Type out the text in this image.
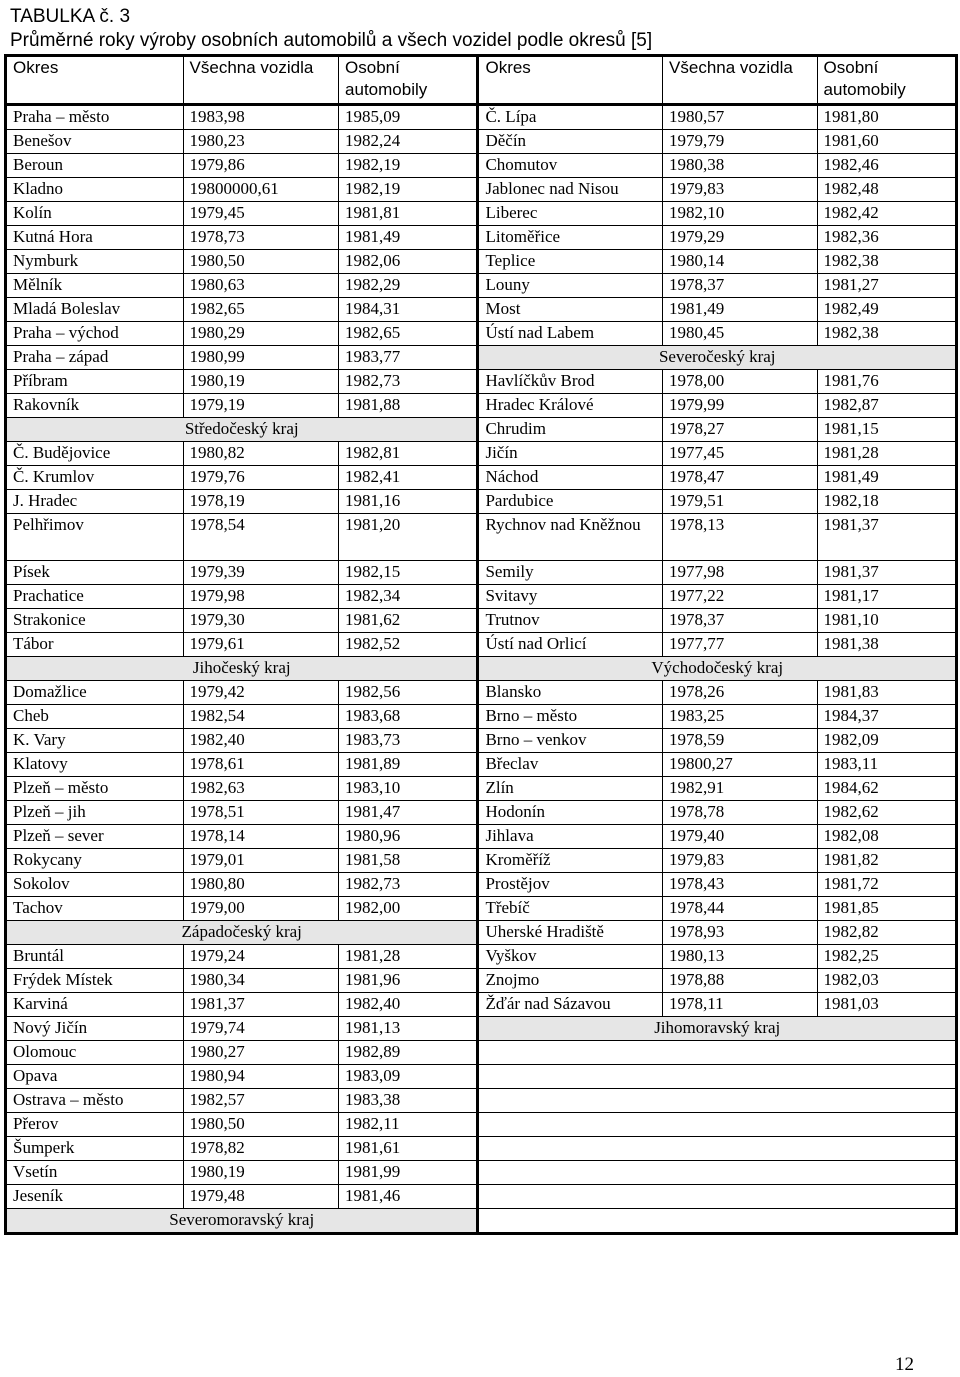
TABULKA č. 3
Průměrné roky výroby osobních automobilů a všech vozidel podle okresů [5]
Okres	Všechna vozidla	Osobní automobily	Okres	Všechna vozidla	Osobní automobily
Praha – město	1983,98	1985,09	Č. Lípa	1980,57	1981,80
Benešov	1980,23	1982,24	Děčín	1979,79	1981,60
Beroun	1979,86	1982,19	Chomutov	1980,38	1982,46
Kladno	19800000,61	1982,19	Jablonec nad Nisou	1979,83	1982,48
Kolín	1979,45	1981,81	Liberec	1982,10	1982,42
Kutná Hora	1978,73	1981,49	Litoměřice	1979,29	1982,36
Nymburk	1980,50	1982,06	Teplice	1980,14	1982,38
Mělník	1980,63	1982,29	Louny	1978,37	1981,27
Mladá Boleslav	1982,65	1984,31	Most	1981,49	1982,49
Praha – východ	1980,29	1982,65	Ústí nad Labem	1980,45	1982,38
Praha – západ	1980,99	1983,77	Severočeský kraj		
Příbram	1980,19	1982,73	Havlíčkův Brod	1978,00	1981,76
Rakovník	1979,19	1981,88	Hradec Králové	1979,99	1982,87
Středočeský kraj			Chrudim	1978,27	1981,15
Č. Budějovice	1980,82	1982,81	Jičín	1977,45	1981,28
Č. Krumlov	1979,76	1982,41	Náchod	1978,47	1981,49
J. Hradec	1978,19	1981,16	Pardubice	1979,51	1982,18
Pelhřimov	1978,54	1981,20	Rychnov nad Kněžnou	1978,13	1981,37
Písek	1979,39	1982,15	Semily	1977,98	1981,37
Prachatice	1979,98	1982,34	Svitavy	1977,22	1981,17
Strakonice	1979,30	1981,62	Trutnov	1978,37	1981,10
Tábor	1979,61	1982,52	Ústí nad Orlicí	1977,77	1981,38
Jihočeský kraj			Východočeský kraj		
Domažlice	1979,42	1982,56	Blansko	1978,26	1981,83
Cheb	1982,54	1983,68	Brno – město	1983,25	1984,37
K. Vary	1982,40	1983,73	Brno – venkov	1978,59	1982,09
Klatovy	1978,61	1981,89	Břeclav	19800,27	1983,11
Plzeň – město	1982,63	1983,10	Zlín	1982,91	1984,62
Plzeň – jih	1978,51	1981,47	Hodonín	1978,78	1982,62
Plzeň – sever	1978,14	1980,96	Jihlava	1979,40	1982,08
Rokycany	1979,01	1981,58	Kroměříž	1979,83	1981,82
Sokolov	1980,80	1982,73	Prostějov	1978,43	1981,72
Tachov	1979,00	1982,00	Třebíč	1978,44	1981,85
Západočeský kraj			Uherské Hradiště	1978,93	1982,82
Bruntál	1979,24	1981,28	Vyškov	1980,13	1982,25
Frýdek Místek	1980,34	1981,96	Znojmo	1978,88	1982,03
Karviná	1981,37	1982,40	Žďár nad Sázavou	1978,11	1981,03
Nový Jičín	1979,74	1981,13	Jihomoravský kraj		
Olomouc	1980,27	1982,89			
Opava	1980,94	1983,09			
Ostrava – město	1982,57	1983,38			
Přerov	1980,50	1982,11			
Šumperk	1978,82	1981,61			
Vsetín	1980,19	1981,99			
Jeseník	1979,48	1981,46			
Severomoravský kraj					
12
